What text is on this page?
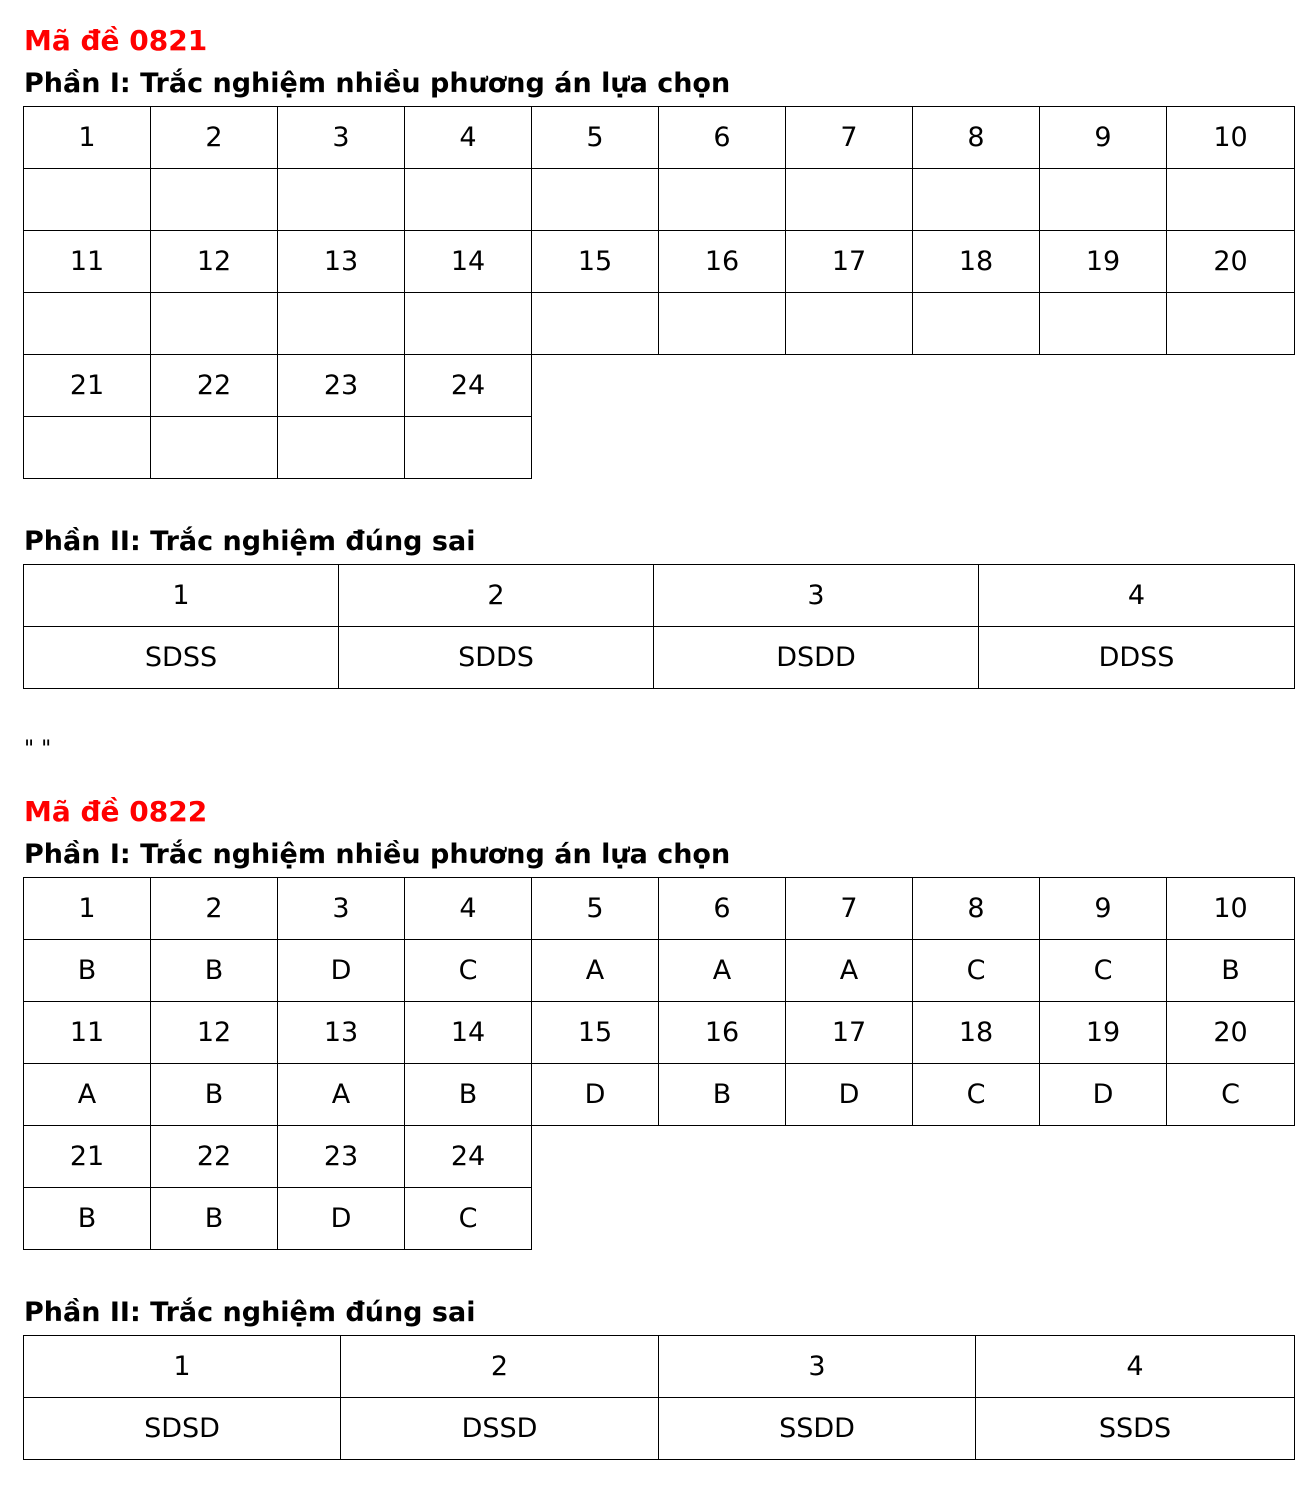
Mã đề 0821
Phần I: Trắc nghiệm nhiều phương án lựa chọn
1	2	3	4	5	6	7	8	9	10

11	12	13	14	15	16	17	18	19	20

21	22	23	24

Phần II: Trắc nghiệm đúng sai
1	2	3	4
SDSS	SDDS	DSDD	DDSS
" "
Mã đề 0822
Phần I: Trắc nghiệm nhiều phương án lựa chọn
1	2	3	4	5	6	7	8	9	10
B	B	D	C	A	A	A	C	C	B
11	12	13	14	15	16	17	18	19	20
A	B	A	B	D	B	D	C	D	C
21	22	23	24
B	B	D	C
Phần II: Trắc nghiệm đúng sai
1	2	3	4
SDSD	DSSD	SSDD	SSDS
